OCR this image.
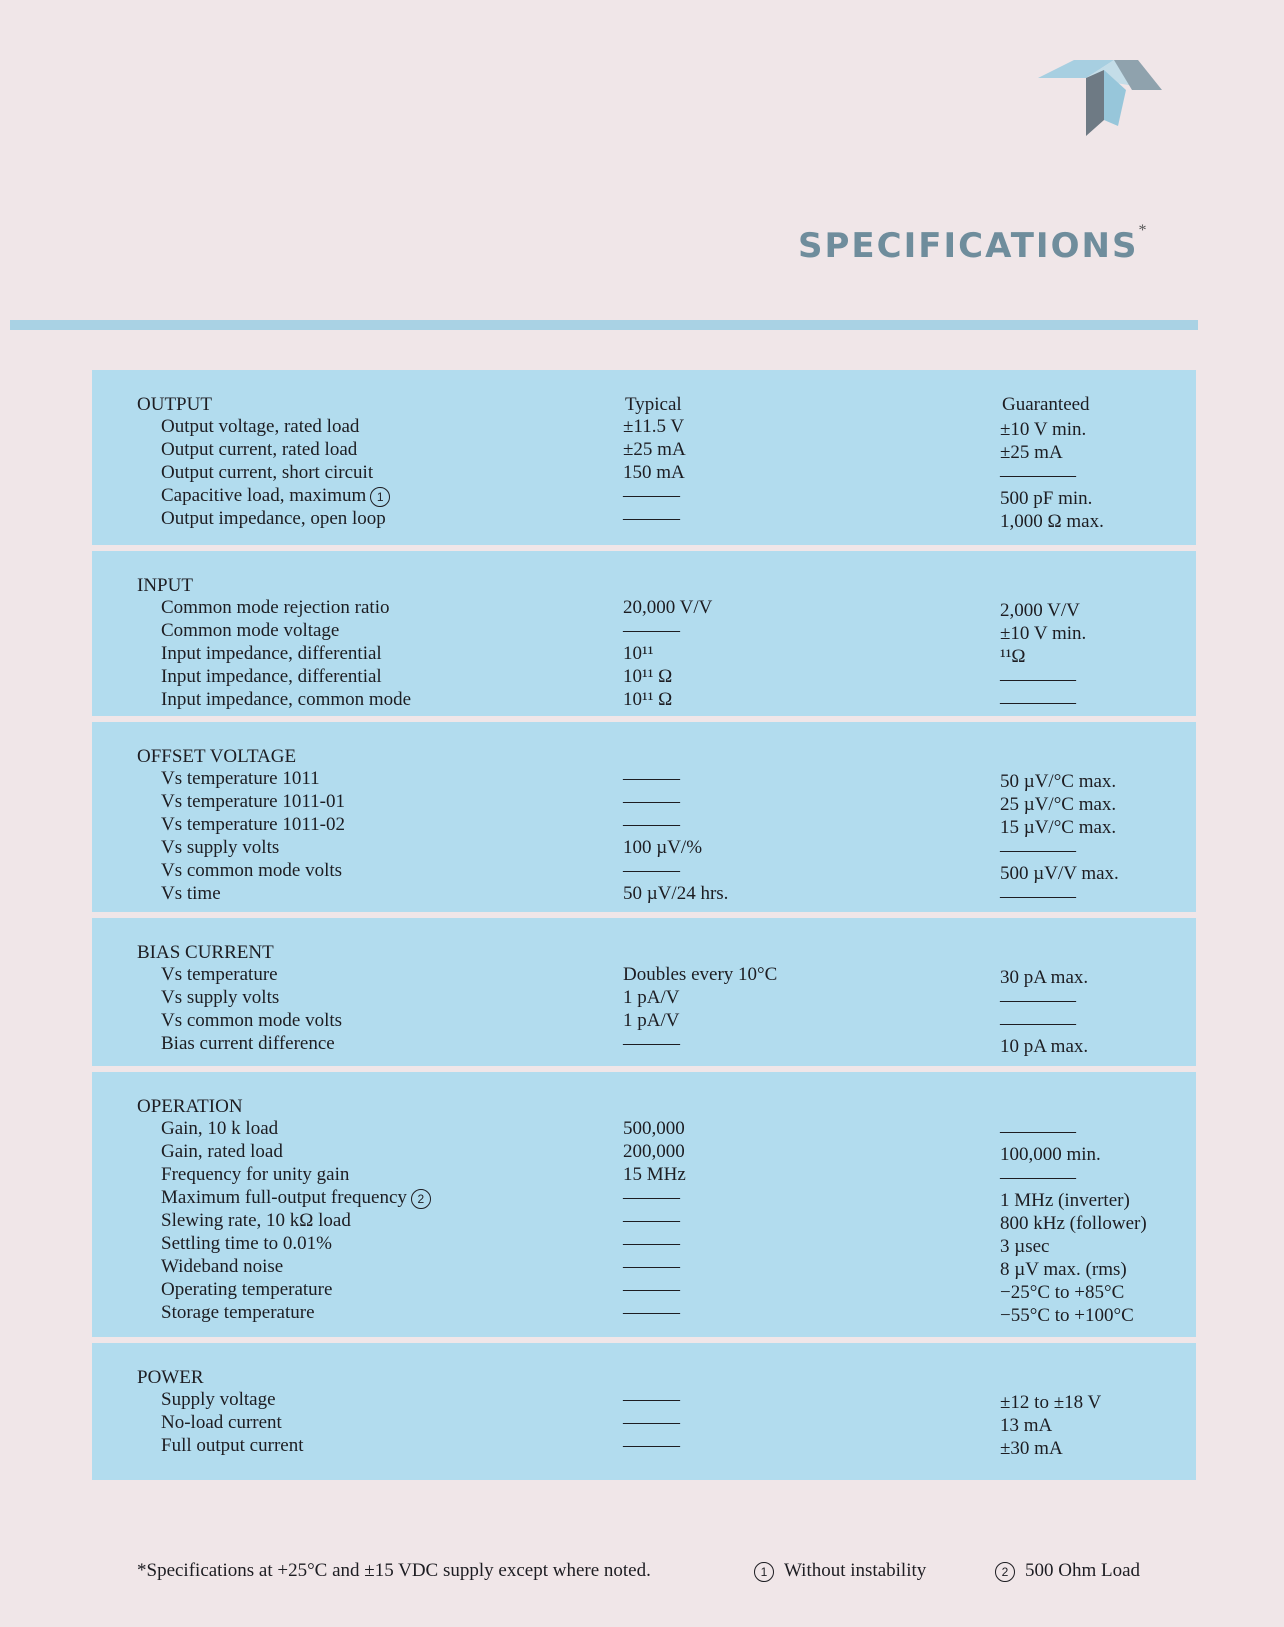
SPECIFICATIONS*
OUTPUT	Typical	Guaranteed
Output voltage, rated load	±11.5 V	±10 V min.
Output current, rated load	±25 mA	±25 mA
Output current, short circuit	150 mA	————
Capacitive load, maximum 1	———	500 pF min.
Output impedance, open loop	———	1,000 Ω max.
INPUT
Common mode rejection ratio	20,000 V/V	2,000 V/V
Common mode voltage	———	±10 V min.
Input impedance, differential	10¹¹	¹¹Ω
Input impedance, differential	10¹¹ Ω	————
Input impedance, common mode	10¹¹ Ω	————
OFFSET VOLTAGE
Vs temperature 1011	———	50 µV/°C max.
Vs temperature 1011-01	———	25 µV/°C max.
Vs temperature 1011-02	———	15 µV/°C max.
Vs supply volts	100 µV/%	————
Vs common mode volts	———	500 µV/V max.
Vs time	50 µV/24 hrs.	————
BIAS CURRENT
Vs temperature	Doubles every 10°C	30 pA max.
Vs supply volts	1 pA/V	————
Vs common mode volts	1 pA/V	————
Bias current difference	———	10 pA max.
OPERATION
Gain, 10 k load	500,000	————
Gain, rated load	200,000	100,000 min.
Frequency for unity gain	15 MHz	————
Maximum full-output frequency 2	———	1 MHz (inverter)
Slewing rate, 10 kΩ load	———	800 kHz (follower)
Settling time to 0.01%	———	3 µsec
Wideband noise	———	8 µV max. (rms)
Operating temperature	———	−25°C to +85°C
Storage temperature	———	−55°C to +100°C
POWER
Supply voltage	———	±12 to ±18 V
No-load current	———	13 mA
Full output current	———	±30 mA
*Specifications at +25°C and ±15 VDC supply except where noted.	1 Without instability	2 500 Ohm Load
